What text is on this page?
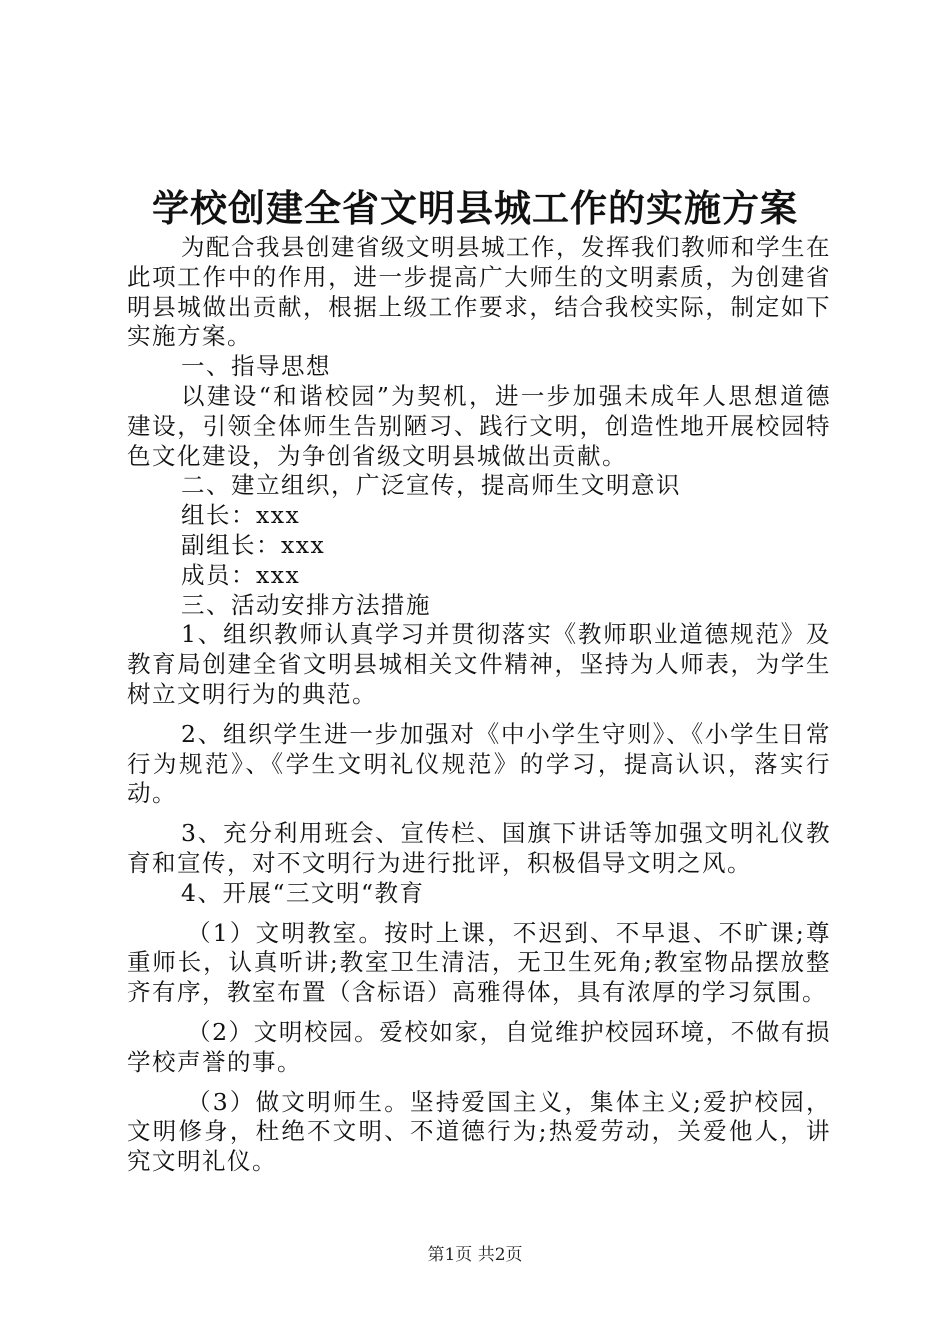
学校创建全省文明县城工作的实施方案

为配合我县创建省级文明县城工作，发挥我们教师和学生在此项工作中的作用，进一步提高广大师生的文明素质，为创建省明县城做出贡献，根据上级工作要求，结合我校实际，制定如下实施方案。

一、指导思想

以建设“和谐校园”为契机，进一步加强未成年人思想道德建设，引领全体师生告别陋习、践行文明，创造性地开展校园特色文化建设，为争创省级文明县城做出贡献。

二、建立组织，广泛宣传，提高师生文明意识

组长：xxx

副组长：xxx

成员：xxx

三、活动安排方法措施

1、组织教师认真学习并贯彻落实《教师职业道德规范》及教育局创建全省文明县城相关文件精神，坚持为人师表，为学生树立文明行为的典范。

2、组织学生进一步加强对《中小学生守则》、《小学生日常行为规范》、《学生文明礼仪规范》的学习，提高认识，落实行动。

3、充分利用班会、宣传栏、国旗下讲话等加强文明礼仪教育和宣传，对不文明行为进行批评，积极倡导文明之风。

4、开展“三文明“教育

（1）文明教室。按时上课，不迟到、不早退、不旷课;尊重师长，认真听讲;教室卫生清洁，无卫生死角;教室物品摆放整齐有序，教室布置（含标语）高雅得体，具有浓厚的学习氛围。

（2）文明校园。爱校如家，自觉维护校园环境，不做有损学校声誉的事。

（3）做文明师生。坚持爱国主义，集体主义;爱护校园，文明修身，杜绝不文明、不道德行为;热爱劳动，关爱他人，讲究文明礼仪。

第1页 共2页
